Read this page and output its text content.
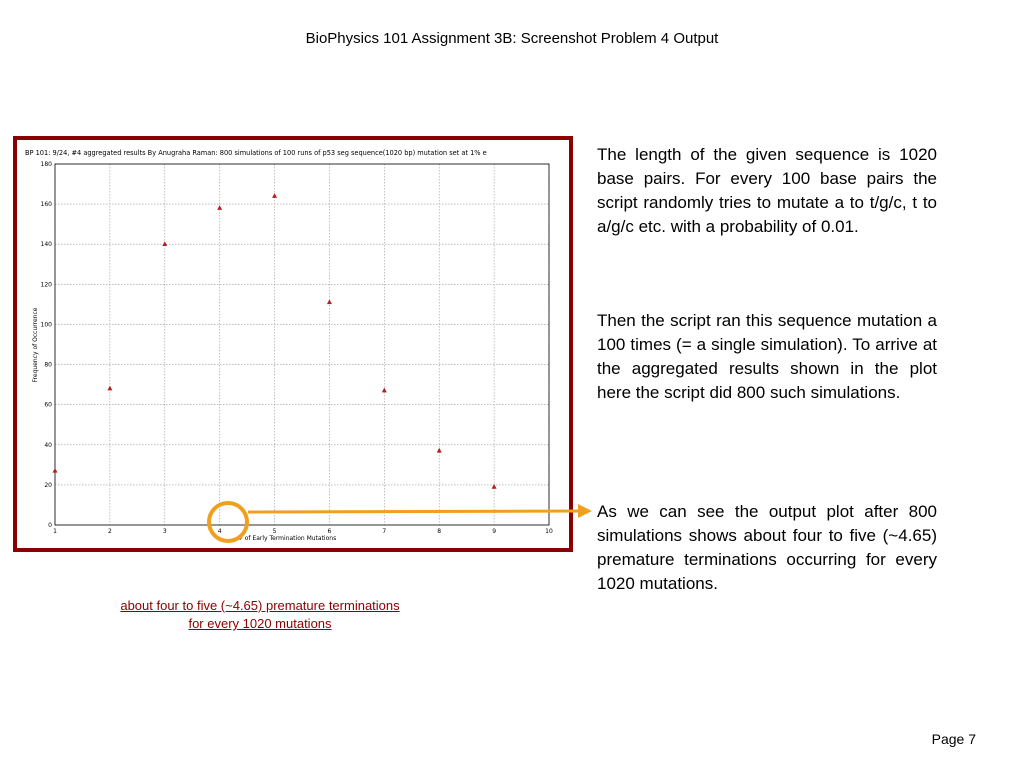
BioPhysics 101 Assignment 3B: Screenshot Problem 4 Output
BP 101: 9/24, #4 aggregated results By Anugraha Raman: 800 simulations of 100 runs of p53 seg sequence(1020 bp) mutation set at 1% e
1	2	3	4	5	6	7	8	9	10
0
20
40
60
80
100
120
140
160
180
# of Early Termination Mutations
Frequency of Occurrence

The length of the given sequence is 1020 base pairs. For every 100 base pairs the script randomly tries to mutate a to t/g/c, t to a/g/c etc. with a probability of 0.01.

Then the script ran this sequence mutation a 100 times (= a single simulation). To arrive at the aggregated results shown in the plot here the script did 800 such simulations.

As we can see the output plot after 800 simulations shows about four to five (~4.65) premature terminations occurring for every 1020 mutations.

about four to five (~4.65) premature terminations for every 1020 mutations
Page 7
